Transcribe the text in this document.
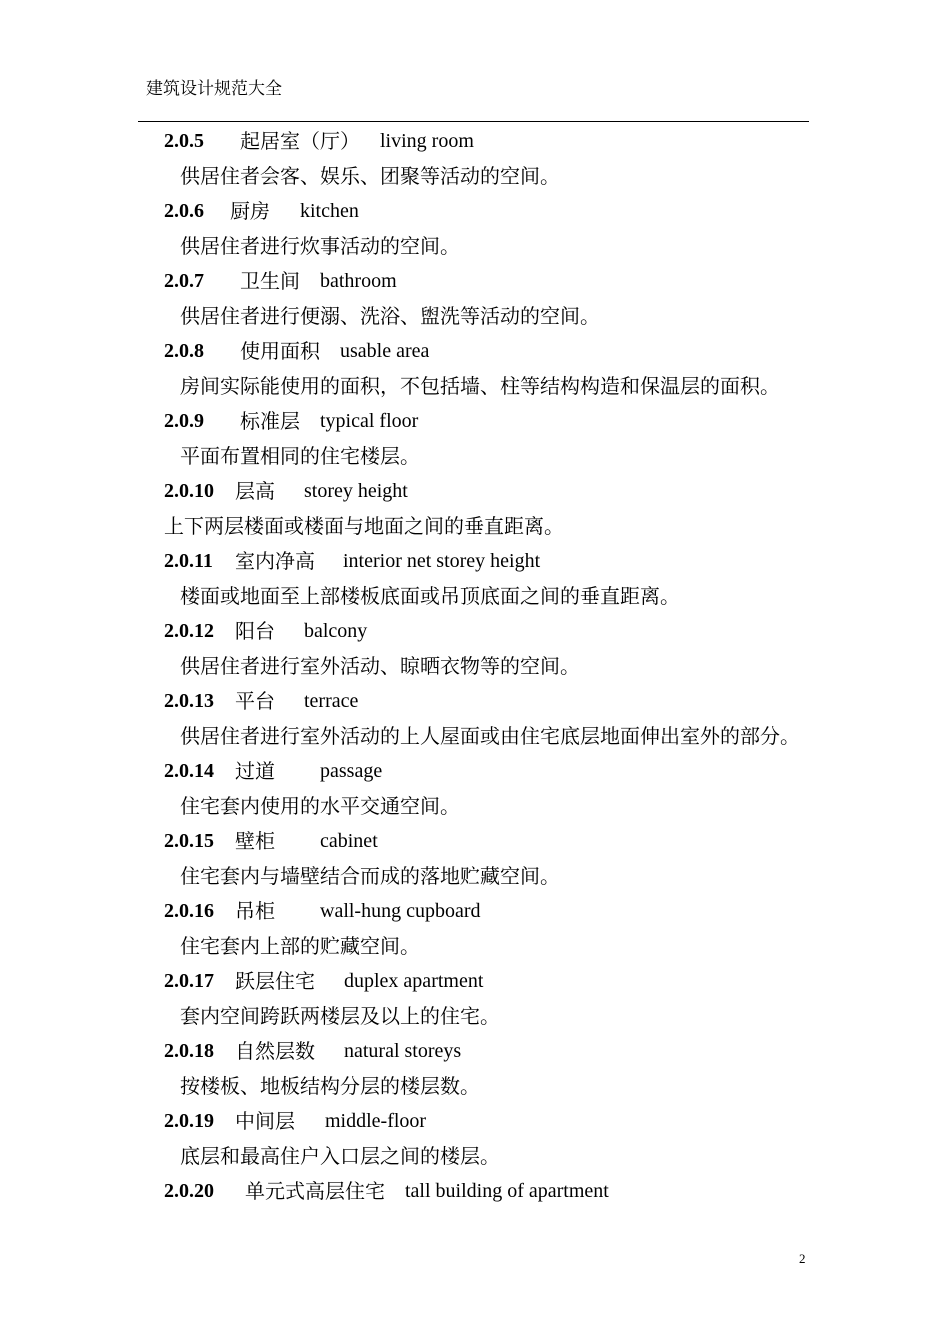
建筑设计规范大全
2.0.5 起居室（厅） living room
供居住者会客、娱乐、团聚等活动的空间。
2.0.6 厨房 kitchen
供居住者进行炊事活动的空间。
2.0.7 卫生间 bathroom
供居住者进行便溺、洗浴、盥洗等活动的空间。
2.0.8 使用面积 usable area
房间实际能使用的面积，不包括墙、柱等结构构造和保温层的面积。
2.0.9 标准层 typical floor
平面布置相同的住宅楼层。
2.0.10 层高 storey height
上下两层楼面或楼面与地面之间的垂直距离。
2.0.11 室内净高 interior net storey height
楼面或地面至上部楼板底面或吊顶底面之间的垂直距离。
2.0.12 阳台 balcony
供居住者进行室外活动、晾晒衣物等的空间。
2.0.13 平台 terrace
供居住者进行室外活动的上人屋面或由住宅底层地面伸出室外的部分。
2.0.14 过道 passage
住宅套内使用的水平交通空间。
2.0.15 壁柜 cabinet
住宅套内与墙壁结合而成的落地贮藏空间。
2.0.16 吊柜 wall-hung cupboard
住宅套内上部的贮藏空间。
2.0.17 跃层住宅 duplex apartment
套内空间跨跃两楼层及以上的住宅。
2.0.18 自然层数 natural storeys
按楼板、地板结构分层的楼层数。
2.0.19 中间层 middle-floor
底层和最高住户入口层之间的楼层。
2.0.20 单元式高层住宅 tall building of apartment
2
